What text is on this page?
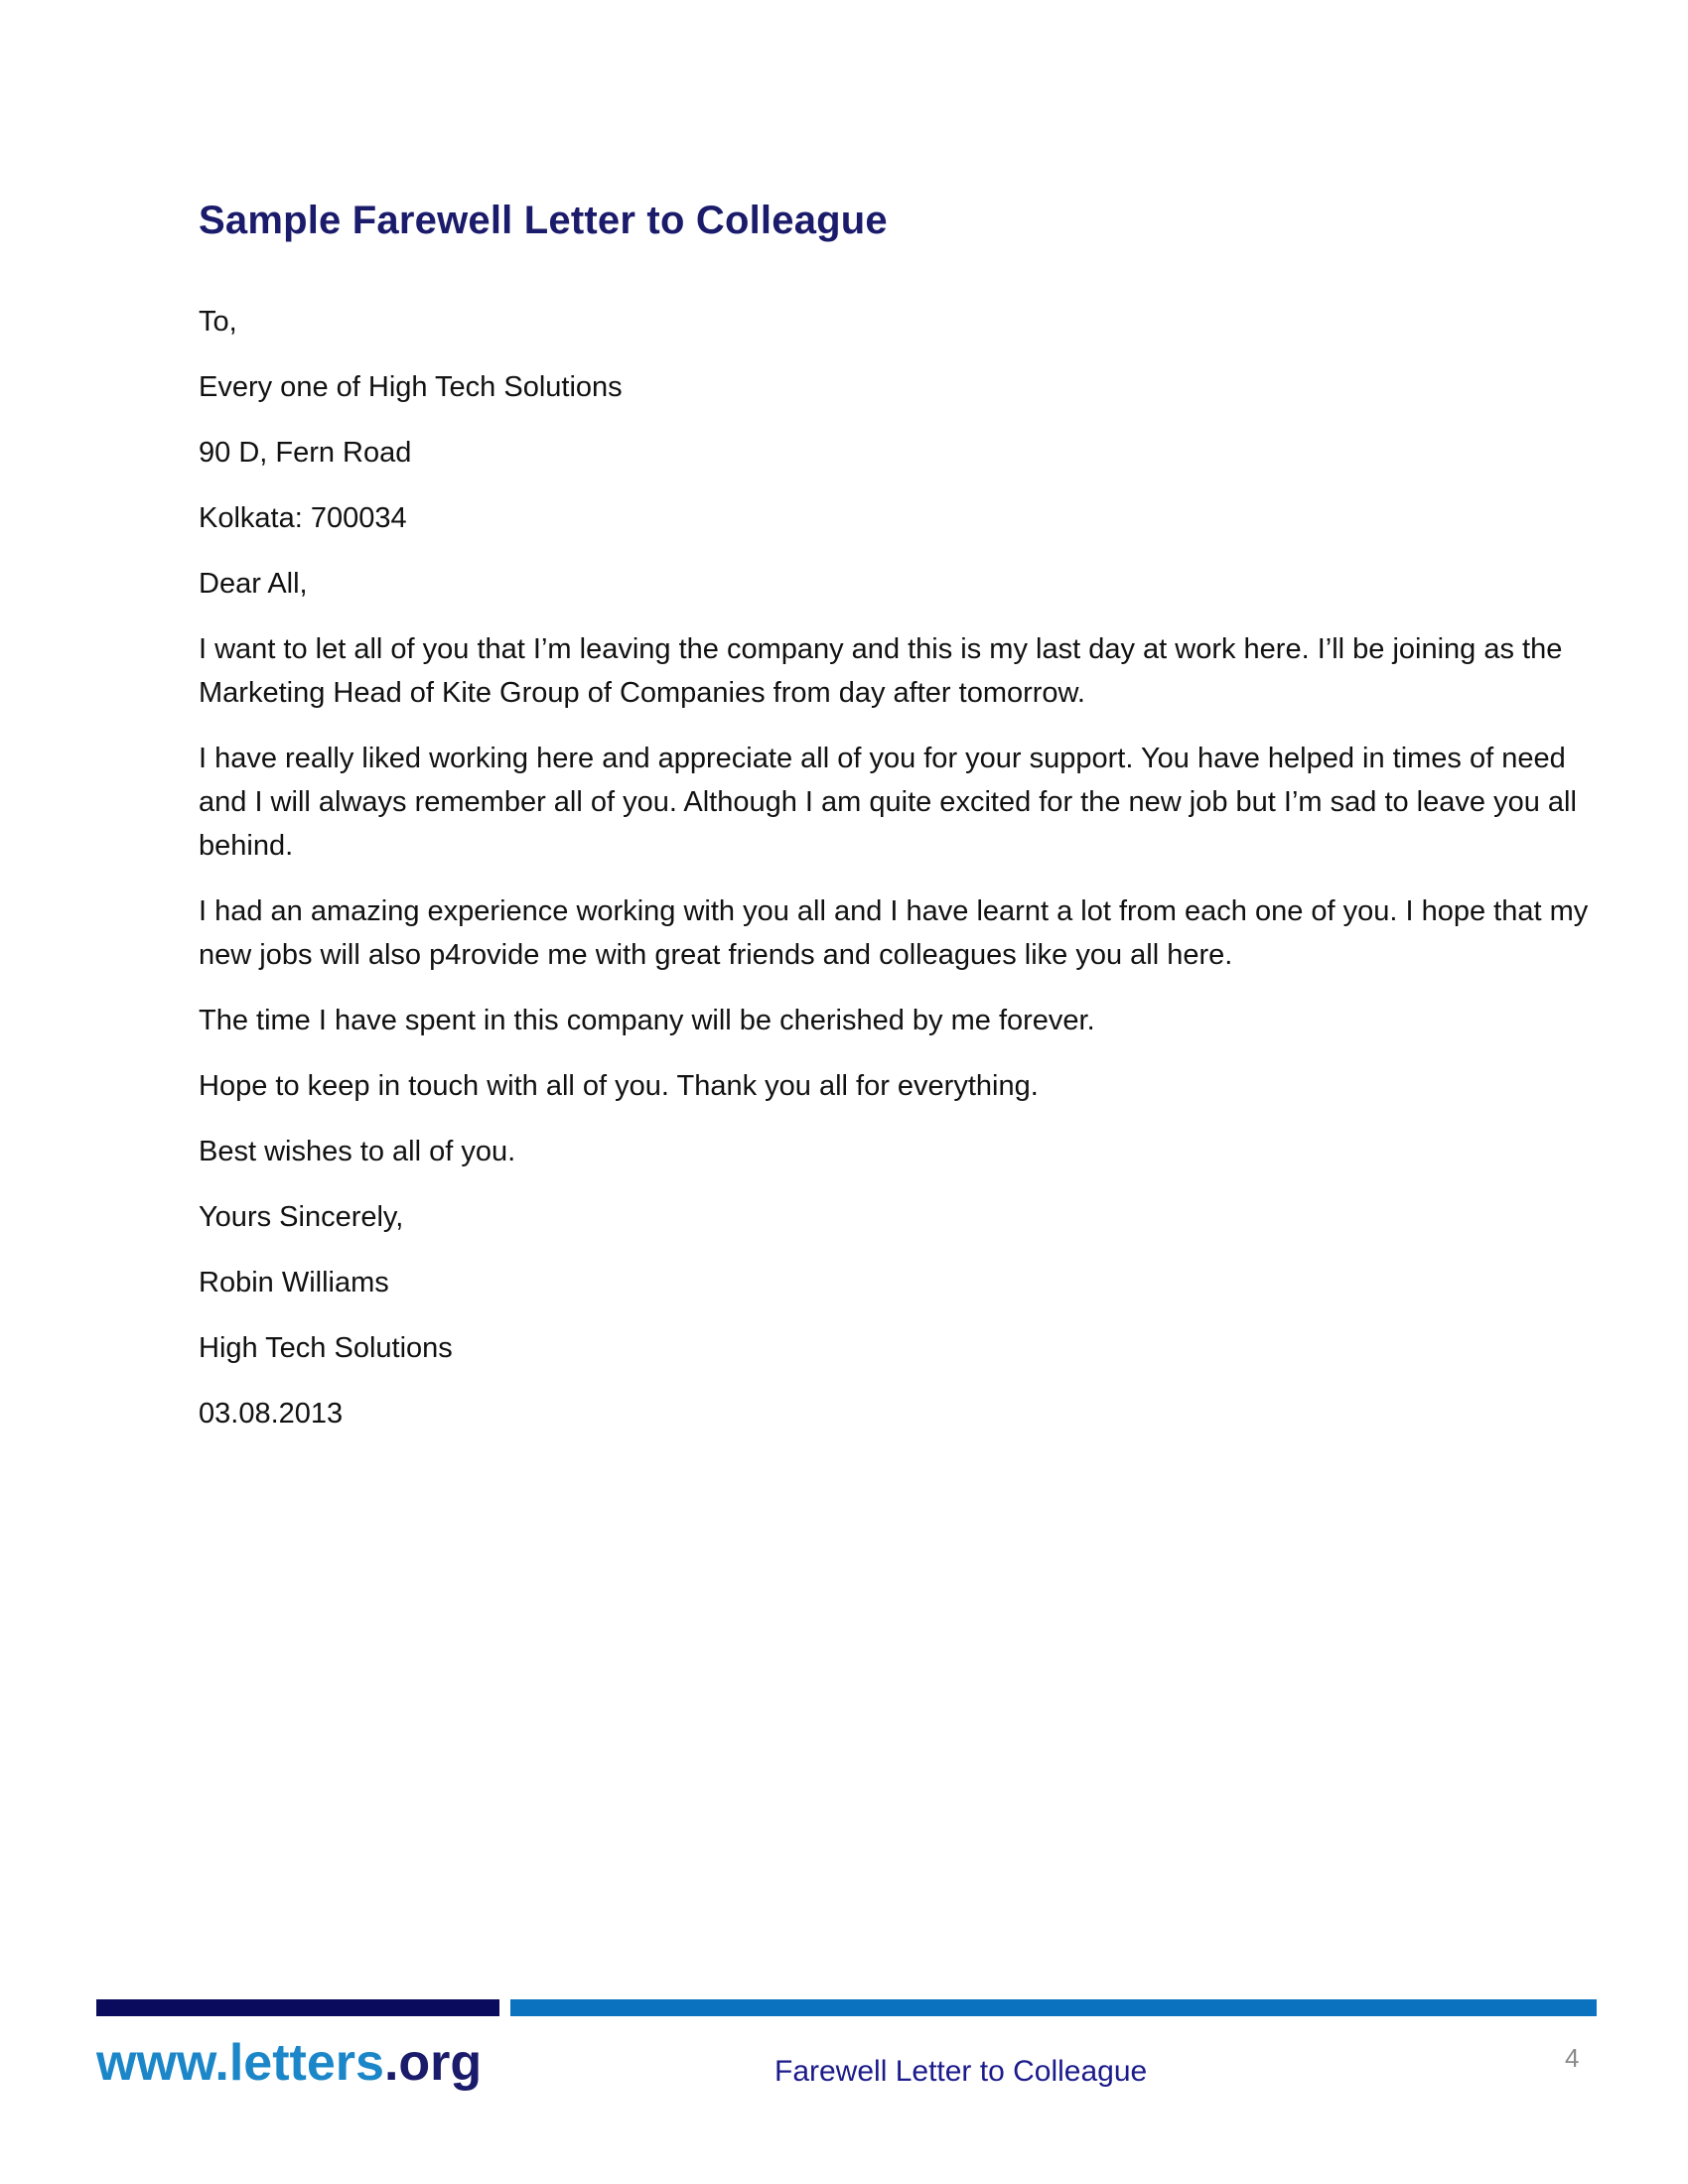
Sample Farewell Letter to Colleague

To,

Every one of High Tech Solutions

90 D, Fern Road

Kolkata: 700034

Dear All,

I want to let all of you that I’m leaving the company and this is my last day at work here. I’ll be joining as the Marketing Head of Kite Group of Companies from day after tomorrow.

I have really liked working here and appreciate all of you for your support. You have helped in times of need and I will always remember all of you. Although I am quite excited for the new job but I’m sad to leave you all behind.

I had an amazing experience working with you all and I have learnt a lot from each one of you. I hope that my new jobs will also p4rovide me with great friends and colleagues like you all here.

The time I have spent in this company will be cherished by me forever.

Hope to keep in touch with all of you. Thank you all for everything.

Best wishes to all of you.

Yours Sincerely,

Robin Williams

High Tech Solutions

03.08.2013

www.letters.org	Farewell Letter to Colleague	4
